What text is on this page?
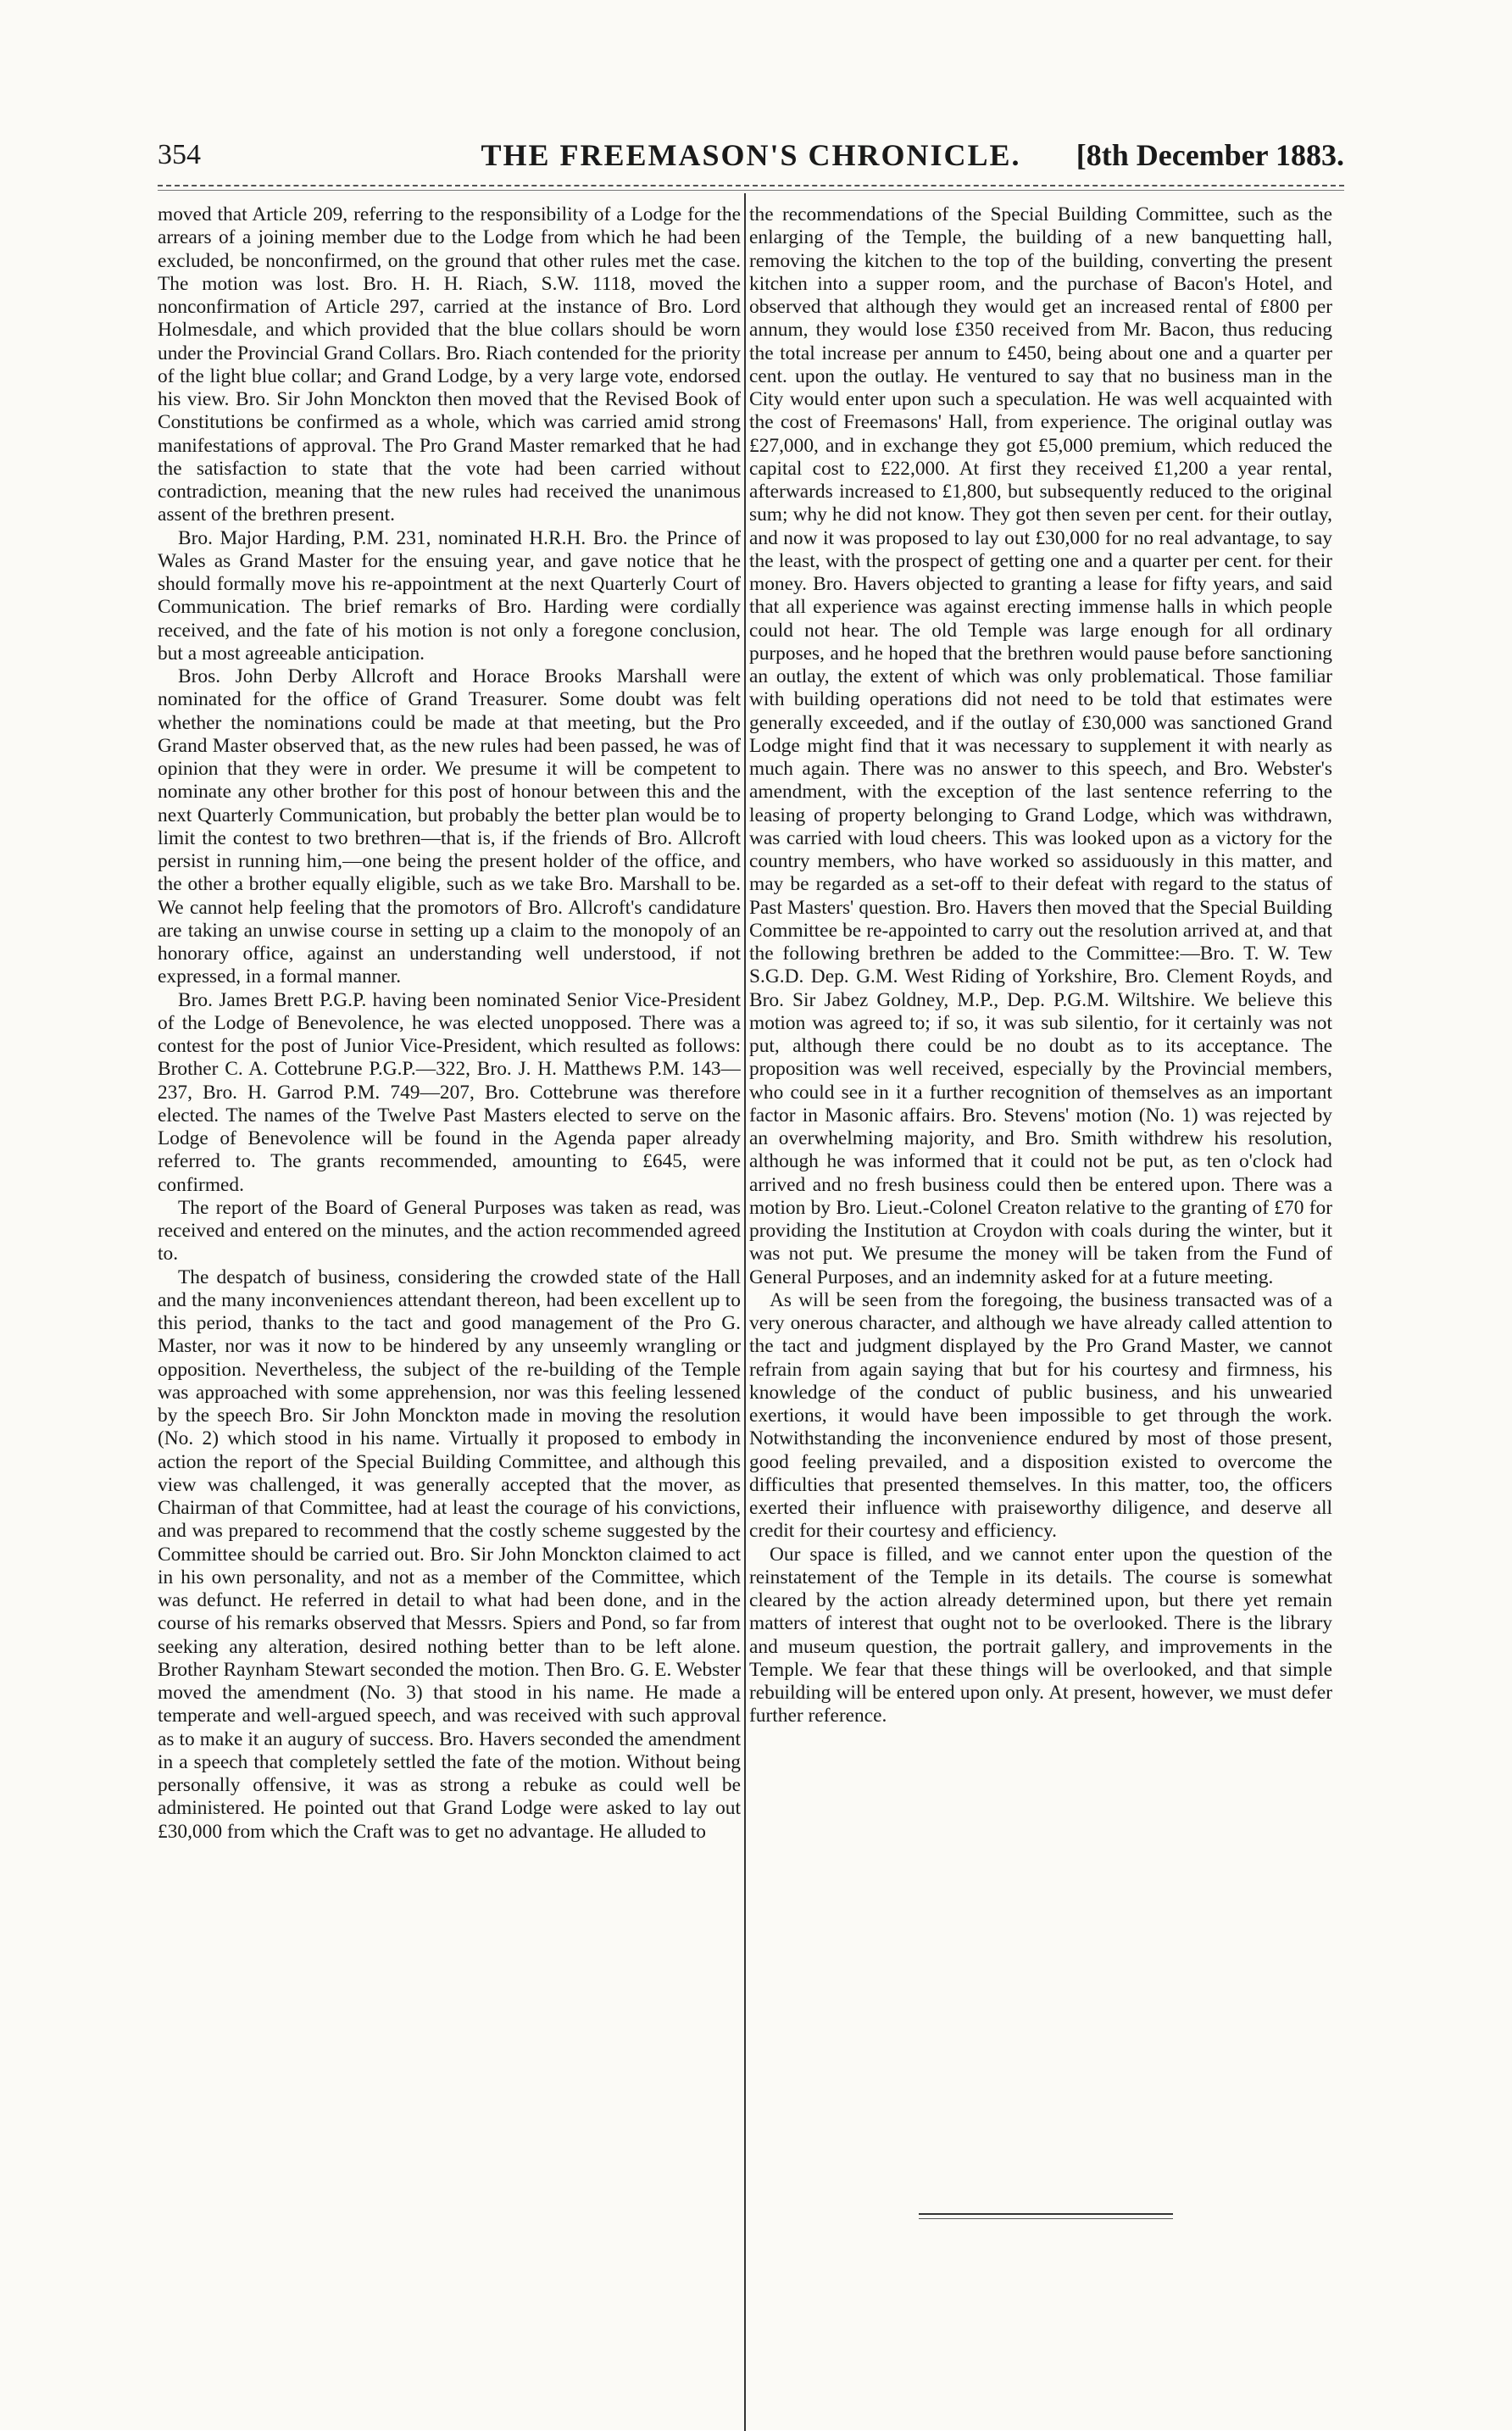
354	THE FREEMASON'S CHRONICLE.	[8th December 1883.

moved that Article 209, referring to the responsibility of a Lodge for the arrears of a joining member due to the Lodge from which he had been excluded, be nonconfirmed, on the ground that other rules met the case. The motion was lost. Bro. H. H. Riach, S.W. 1118, moved the nonconfirmation of Article 297, carried at the instance of Bro. Lord Holmesdale, and which provided that the blue collars should be worn under the Provincial Grand Collars. Bro. Riach contended for the priority of the light blue collar; and Grand Lodge, by a very large vote, endorsed his view. Bro. Sir John Monckton then moved that the Revised Book of Constitutions be confirmed as a whole, which was carried amid strong manifestations of approval. The Pro Grand Master remarked that he had the satisfaction to state that the vote had been carried without contradiction, meaning that the new rules had received the unanimous assent of the brethren present.

Bro. Major Harding, P.M. 231, nominated H.R.H. Bro. the Prince of Wales as Grand Master for the ensuing year, and gave notice that he should formally move his re-appointment at the next Quarterly Court of Communication. The brief remarks of Bro. Harding were cordially received, and the fate of his motion is not only a foregone conclusion, but a most agreeable anticipation.

Bros. John Derby Allcroft and Horace Brooks Marshall were nominated for the office of Grand Treasurer. Some doubt was felt whether the nominations could be made at that meeting, but the Pro Grand Master observed that, as the new rules had been passed, he was of opinion that they were in order. We presume it will be competent to nominate any other brother for this post of honour between this and the next Quarterly Communication, but probably the better plan would be to limit the contest to two brethren—that is, if the friends of Bro. Allcroft persist in running him,—one being the present holder of the office, and the other a brother equally eligible, such as we take Bro. Marshall to be. We cannot help feeling that the promotors of Bro. Allcroft's candidature are taking an unwise course in setting up a claim to the monopoly of an honorary office, against an understanding well understood, if not expressed, in a formal manner.

Bro. James Brett P.G.P. having been nominated Senior Vice-President of the Lodge of Benevolence, he was elected unopposed. There was a contest for the post of Junior Vice-President, which resulted as follows: Brother C. A. Cottebrune P.G.P.—322, Bro. J. H. Matthews P.M. 143—237, Bro. H. Garrod P.M. 749—207, Bro. Cottebrune was therefore elected. The names of the Twelve Past Masters elected to serve on the Lodge of Benevolence will be found in the Agenda paper already referred to. The grants recommended, amounting to £645, were confirmed.

The report of the Board of General Purposes was taken as read, was received and entered on the minutes, and the action recommended agreed to.

The despatch of business, considering the crowded state of the Hall and the many inconveniences attendant thereon, had been excellent up to this period, thanks to the tact and good management of the Pro G. Master, nor was it now to be hindered by any unseemly wrangling or opposition. Nevertheless, the subject of the re-building of the Temple was approached with some apprehension, nor was this feeling lessened by the speech Bro. Sir John Monckton made in moving the resolution (No. 2) which stood in his name. Virtually it proposed to embody in action the report of the Special Building Committee, and although this view was challenged, it was generally accepted that the mover, as Chairman of that Committee, had at least the courage of his convictions, and was prepared to recommend that the costly scheme suggested by the Committee should be carried out. Bro. Sir John Monckton claimed to act in his own personality, and not as a member of the Committee, which was defunct. He referred in detail to what had been done, and in the course of his remarks observed that Messrs. Spiers and Pond, so far from seeking any alteration, desired nothing better than to be left alone. Brother Raynham Stewart seconded the motion. Then Bro. G. E. Webster moved the amendment (No. 3) that stood in his name. He made a temperate and well-argued speech, and was received with such approval as to make it an augury of success. Bro. Havers seconded the amendment in a speech that completely settled the fate of the motion. Without being personally offensive, it was as strong a rebuke as could well be administered. He pointed out that Grand Lodge were asked to lay out £30,000 from which the Craft was to get no advantage. He alluded to

the recommendations of the Special Building Committee, such as the enlarging of the Temple, the building of a new banquetting hall, removing the kitchen to the top of the building, converting the present kitchen into a supper room, and the purchase of Bacon's Hotel, and observed that although they would get an increased rental of £800 per annum, they would lose £350 received from Mr. Bacon, thus reducing the total increase per annum to £450, being about one and a quarter per cent. upon the outlay. He ventured to say that no business man in the City would enter upon such a speculation. He was well acquainted with the cost of Freemasons' Hall, from experience. The original outlay was £27,000, and in exchange they got £5,000 premium, which reduced the capital cost to £22,000. At first they received £1,200 a year rental, afterwards increased to £1,800, but subsequently reduced to the original sum; why he did not know. They got then seven per cent. for their outlay, and now it was proposed to lay out £30,000 for no real advantage, to say the least, with the prospect of getting one and a quarter per cent. for their money. Bro. Havers objected to granting a lease for fifty years, and said that all experience was against erecting immense halls in which people could not hear. The old Temple was large enough for all ordinary purposes, and he hoped that the brethren would pause before sanctioning an outlay, the extent of which was only problematical. Those familiar with building operations did not need to be told that estimates were generally exceeded, and if the outlay of £30,000 was sanctioned Grand Lodge might find that it was necessary to supplement it with nearly as much again. There was no answer to this speech, and Bro. Webster's amendment, with the exception of the last sentence referring to the leasing of property belonging to Grand Lodge, which was withdrawn, was carried with loud cheers. This was looked upon as a victory for the country members, who have worked so assiduously in this matter, and may be regarded as a set-off to their defeat with regard to the status of Past Masters' question. Bro. Havers then moved that the Special Building Committee be re-appointed to carry out the resolution arrived at, and that the following brethren be added to the Committee:—Bro. T. W. Tew S.G.D. Dep. G.M. West Riding of Yorkshire, Bro. Clement Royds, and Bro. Sir Jabez Goldney, M.P., Dep. P.G.M. Wiltshire. We believe this motion was agreed to; if so, it was sub silentio, for it certainly was not put, although there could be no doubt as to its acceptance. The proposition was well received, especially by the Provincial members, who could see in it a further recognition of themselves as an important factor in Masonic affairs. Bro. Stevens' motion (No. 1) was rejected by an overwhelming majority, and Bro. Smith withdrew his resolution, although he was informed that it could not be put, as ten o'clock had arrived and no fresh business could then be entered upon. There was a motion by Bro. Lieut.-Colonel Creaton relative to the granting of £70 for providing the Institution at Croydon with coals during the winter, but it was not put. We presume the money will be taken from the Fund of General Purposes, and an indemnity asked for at a future meeting.

As will be seen from the foregoing, the business transacted was of a very onerous character, and although we have already called attention to the tact and judgment displayed by the Pro Grand Master, we cannot refrain from again saying that but for his courtesy and firmness, his knowledge of the conduct of public business, and his unwearied exertions, it would have been impossible to get through the work. Notwithstanding the inconvenience endured by most of those present, good feeling prevailed, and a disposition existed to overcome the difficulties that presented themselves. In this matter, too, the officers exerted their influence with praiseworthy diligence, and deserve all credit for their courtesy and efficiency.

Our space is filled, and we cannot enter upon the question of the reinstatement of the Temple in its details. The course is somewhat cleared by the action already determined upon, but there yet remain matters of interest that ought not to be overlooked. There is the library and museum question, the portrait gallery, and improvements in the Temple. We fear that these things will be overlooked, and that simple rebuilding will be entered upon only. At present, however, we must defer further reference.
